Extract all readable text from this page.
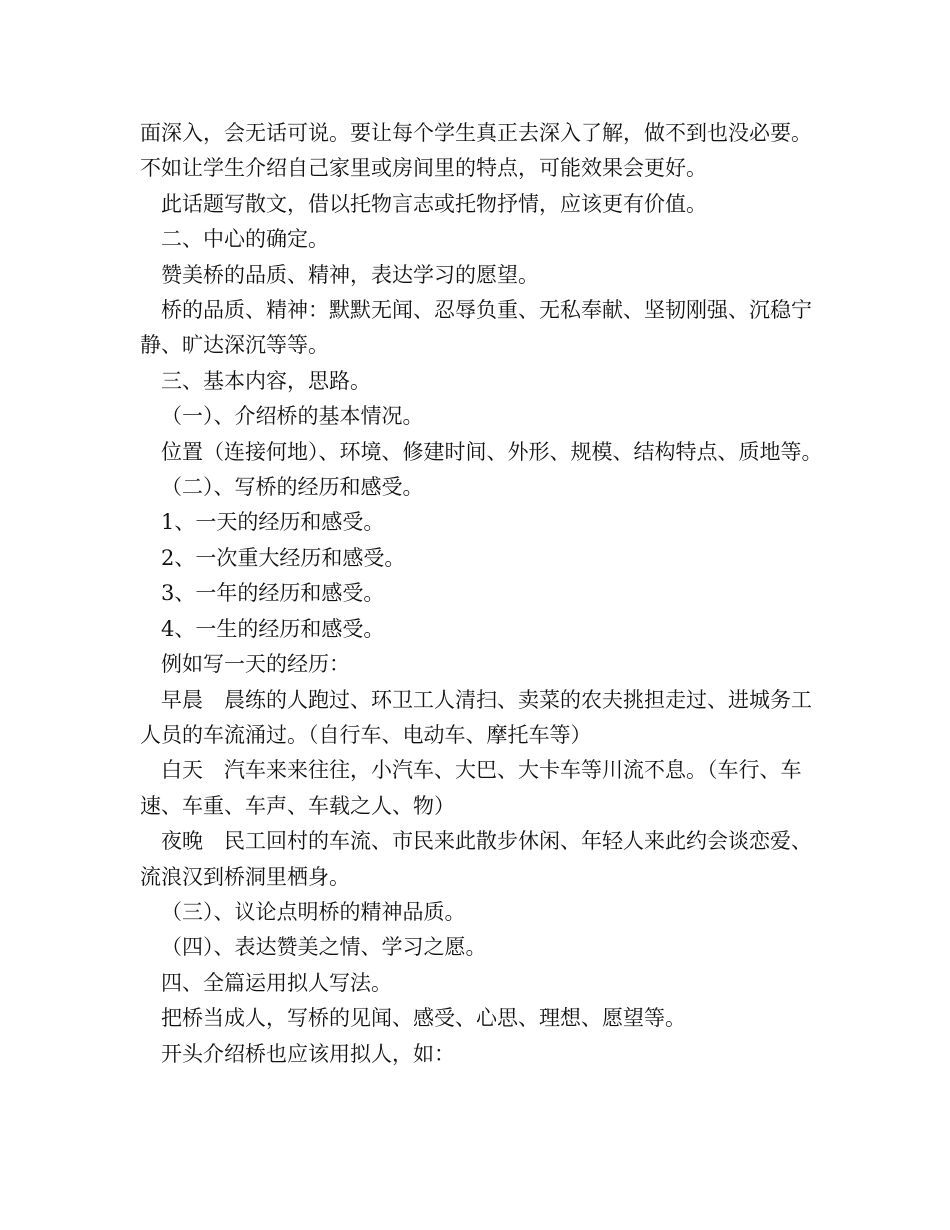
面深入，会无话可说。要让每个学生真正去深入了解，做不到也没必要。不如让学生介绍自己家里或房间里的特点，可能效果会更好。

此话题写散文，借以托物言志或托物抒情，应该更有价值。

二、中心的确定。

赞美桥的品质、精神，表达学习的愿望。

桥的品质、精神：默默无闻、忍辱负重、无私奉献、坚韧刚强、沉稳宁静、旷达深沉等等。

三、基本内容，思路。

（一）、介绍桥的基本情况。

位置（连接何地）、环境、修建时间、外形、规模、结构特点、质地等。

（二）、写桥的经历和感受。

1、一天的经历和感受。

2、一次重大经历和感受。

3、一年的经历和感受。

4、一生的经历和感受。

例如写一天的经历：

早晨　晨练的人跑过、环卫工人清扫、卖菜的农夫挑担走过、进城务工人员的车流涌过。（自行车、电动车、摩托车等）

白天　汽车来来往往，小汽车、大巴、大卡车等川流不息。（车行、车速、车重、车声、车载之人、物）

夜晚　民工回村的车流、市民来此散步休闲、年轻人来此约会谈恋爱、流浪汉到桥洞里栖身。

（三）、议论点明桥的精神品质。

（四）、表达赞美之情、学习之愿。

四、全篇运用拟人写法。

把桥当成人，写桥的见闻、感受、心思、理想、愿望等。

开头介绍桥也应该用拟人，如：
